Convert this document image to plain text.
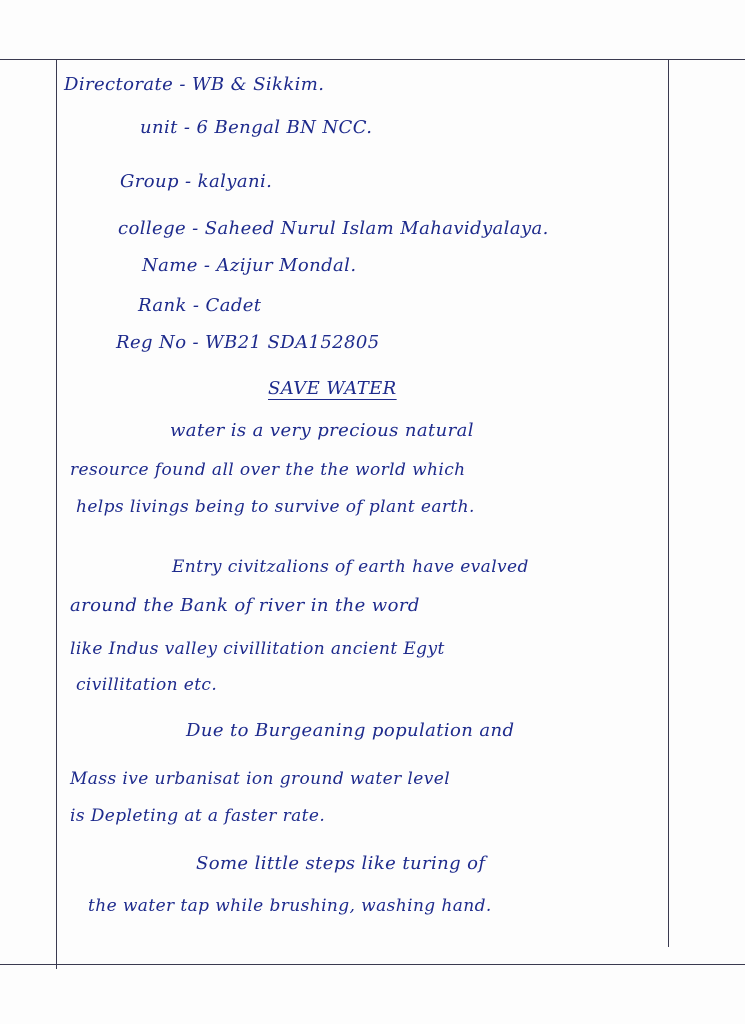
Directorate - WB & Sikkim.

unit - 6 Bengal BN NCC.

Group - kalyani.

college - Saheed Nurul Islam Mahavidyalaya.

Name - Azijur Mondal.

Rank - Cadet

Reg No - WB21 SDA152805

SAVE WATER

water is a very precious natural

resource found all over the the world which

helps livings being to survive of plant earth.

Entry civitzalions of earth have evalved

around the Bank of river in the word

like Indus valley civillitation ancient Egyt

civillitation etc.

Due to Burgeaning population and

Mass ive urbanisat ion ground water level

is Depleting at a faster rate.

Some little steps like turing of

the water tap while brushing, washing hand.
